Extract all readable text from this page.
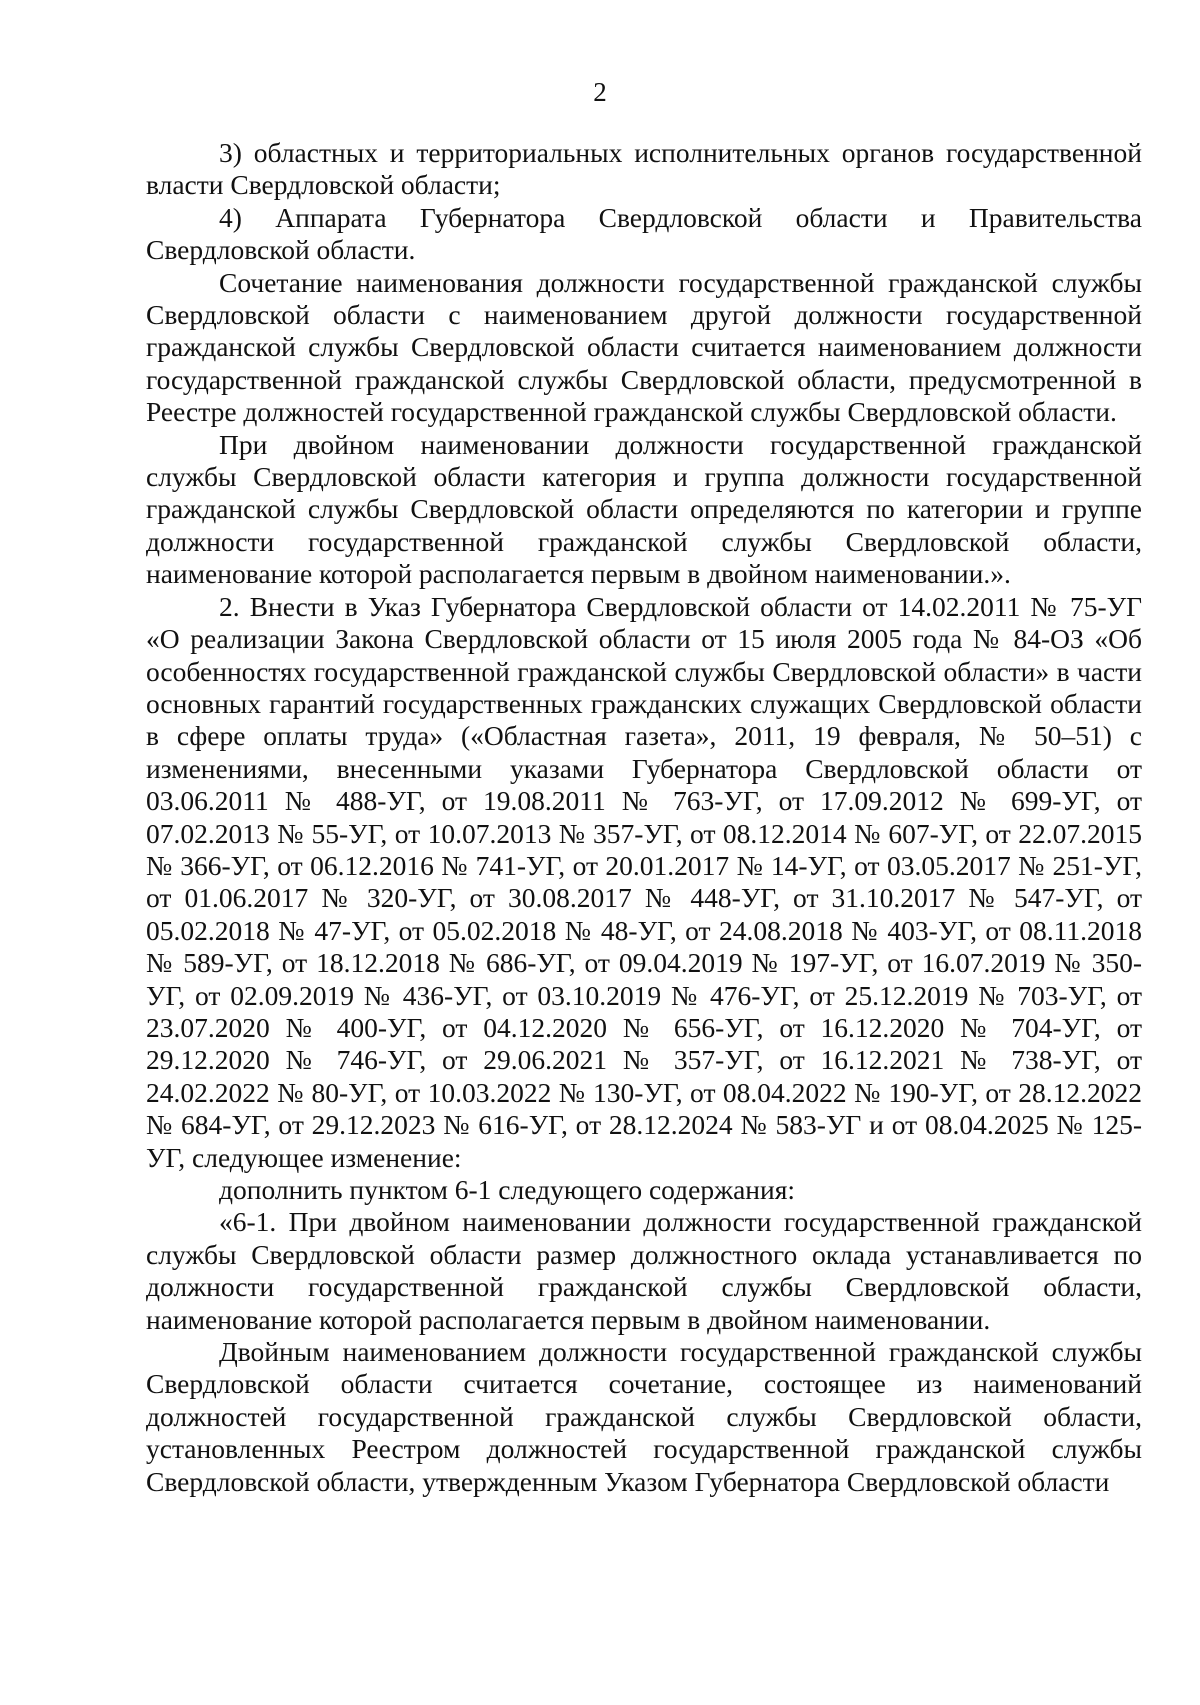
2

3) областных и территориальных исполнительных органов государственной власти Свердловской области;

4) Аппарата Губернатора Свердловской области и Правительства Свердловской области.

Сочетание наименования должности государственной гражданской службы Свердловской области с наименованием другой должности государственной гражданской службы Свердловской области считается наименованием должности государственной гражданской службы Свердловской области, предусмотренной в Реестре должностей государственной гражданской службы Свердловской области.

При двойном наименовании должности государственной гражданской службы Свердловской области категория и группа должности государственной гражданской службы Свердловской области определяются по категории и группе должности государственной гражданской службы Свердловской области, наименование которой располагается первым в двойном наименовании.».

2. Внести в Указ Губернатора Свердловской области от 14.02.2011 № 75-УГ «О реализации Закона Свердловской области от 15 июля 2005 года № 84-ОЗ «Об особенностях государственной гражданской службы Свердловской области» в части основных гарантий государственных гражданских служащих Свердловской области в сфере оплаты труда» («Областная газета», 2011, 19 февраля, № 50–51) с изменениями, внесенными указами Губернатора Свердловской области от 03.06.2011 № 488-УГ, от 19.08.2011 № 763-УГ, от 17.09.2012 № 699-УГ, от 07.02.2013 № 55-УГ, от 10.07.2013 № 357-УГ, от 08.12.2014 № 607-УГ, от 22.07.2015 № 366-УГ, от 06.12.2016 № 741-УГ, от 20.01.2017 № 14-УГ, от 03.05.2017 № 251-УГ, от 01.06.2017 № 320-УГ, от 30.08.2017 № 448-УГ, от 31.10.2017 № 547-УГ, от 05.02.2018 № 47-УГ, от 05.02.2018 № 48-УГ, от 24.08.2018 № 403-УГ, от 08.11.2018 № 589-УГ, от 18.12.2018 № 686-УГ, от 09.04.2019 № 197-УГ, от 16.07.2019 № 350-УГ, от 02.09.2019 № 436-УГ, от 03.10.2019 № 476-УГ, от 25.12.2019 № 703-УГ, от 23.07.2020 № 400-УГ, от 04.12.2020 № 656-УГ, от 16.12.2020 № 704-УГ, от 29.12.2020 № 746-УГ, от 29.06.2021 № 357-УГ, от 16.12.2021 № 738-УГ, от 24.02.2022 № 80-УГ, от 10.03.2022 № 130-УГ, от 08.04.2022 № 190-УГ, от 28.12.2022 № 684-УГ, от 29.12.2023 № 616-УГ, от 28.12.2024 № 583-УГ и от 08.04.2025 № 125-УГ, следующее изменение:

дополнить пунктом 6-1 следующего содержания:

«6-1. При двойном наименовании должности государственной гражданской службы Свердловской области размер должностного оклада устанавливается по должности государственной гражданской службы Свердловской области, наименование которой располагается первым в двойном наименовании.

Двойным наименованием должности государственной гражданской службы Свердловской области считается сочетание, состоящее из наименований должностей государственной гражданской службы Свердловской области, установленных Реестром должностей государственной гражданской службы Свердловской области, утвержденным Указом Губернатора Свердловской области
